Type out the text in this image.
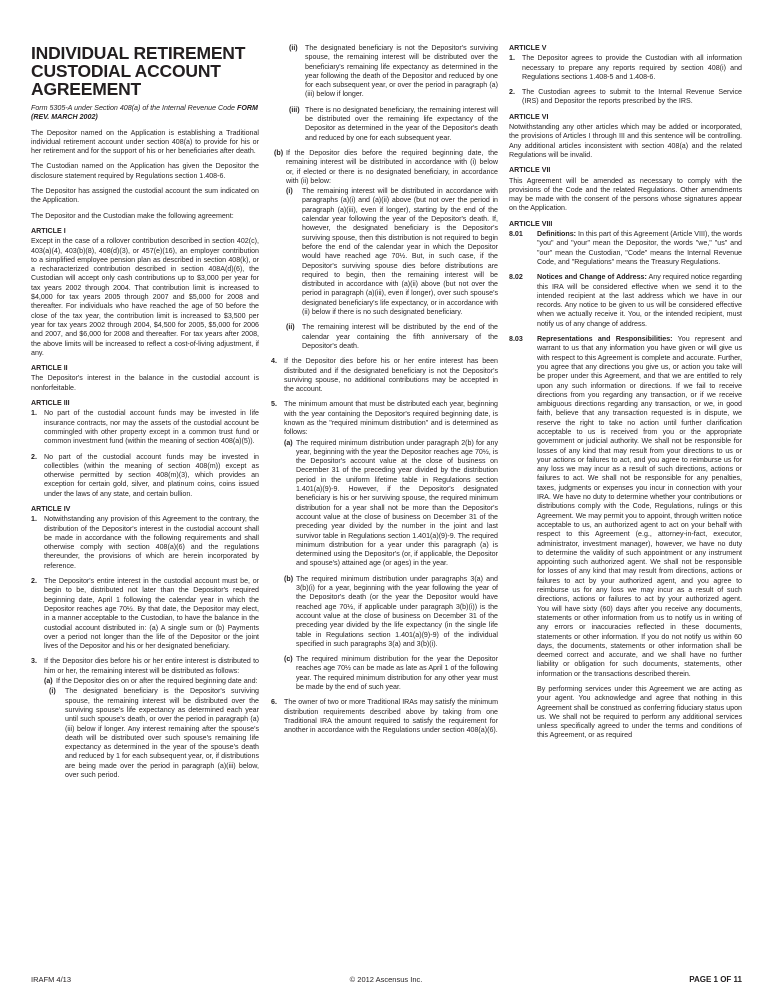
INDIVIDUAL RETIREMENT CUSTODIAL ACCOUNT AGREEMENT
Form 5305-A under Section 408(a) of the Internal Revenue Code FORM (REV. MARCH 2002)

The Depositor named on the Application is establishing a Traditional individual retirement account under section 408(a) to provide for his or her retirement and for the support of his or her beneficiaries after death.

The Custodian named on the Application has given the Depositor the disclosure statement required by Regulations section 1.408-6.

The Depositor has assigned the custodial account the sum indicated on the Application.

The Depositor and the Custodian make the following agreement:

ARTICLE I

Except in the case of a rollover contribution described in section 402(c), 403(a)(4), 403(b)(8), 408(d)(3), or 457(e)(16), an employer contribution to a simplified employee pension plan as described in section 408(k), or a recharacterized contribution described in section 408A(d)(6), the Custodian will accept only cash contributions up to $3,000 per year for tax years 2002 through 2004. That contribution limit is increased to $4,000 for tax years 2005 through 2007 and $5,000 for 2008 and thereafter. For individuals who have reached the age of 50 before the close of the tax year, the contribution limit is increased to $3,500 per year for tax years 2002 through 2004, $4,500 for 2005, $5,000 for 2006 and 2007, and $6,000 for 2008 and thereafter. For tax years after 2008, the above limits will be increased to reflect a cost-of-living adjustment, if any.

ARTICLE II

The Depositor's interest in the balance in the custodial account is nonforfeitable.

ARTICLE III
1. No part of the custodial account funds may be invested in life insurance contracts, nor may the assets of the custodial account be commingled with other property except in a common trust fund or common investment fund (within the meaning of section 408(a)(5)).
2. No part of the custodial account funds may be invested in collectibles (within the meaning of section 408(m)) except as otherwise permitted by section 408(m)(3), which provides an exception for certain gold, silver, and platinum coins, coins issued under the laws of any state, and certain bullion.
ARTICLE IV
1. Notwithstanding any provision of this Agreement to the contrary, the distribution of the Depositor's interest in the custodial account shall be made in accordance with the following requirements and shall otherwise comply with section 408(a)(6) and the regulations thereunder, the provisions of which are herein incorporated by reference.
2. The Depositor's entire interest in the custodial account must be, or begin to be, distributed not later than the Depositor's required beginning date, April 1 following the calendar year in which the Depositor reaches age 70½. By that date, the Depositor may elect, in a manner acceptable to the Custodian, to have the balance in the custodial account distributed in: (a) A single sum or (b) Payments over a period not longer than the life of the Depositor or the joint lives of the Depositor and his or her designated beneficiary.
3. If the Depositor dies before his or her entire interest is distributed to him or her, the remaining interest will be distributed as follows:
(a) If the Depositor dies on or after the required beginning date and:
(i)	The designated beneficiary is the Depositor's surviving spouse, the remaining interest will be distributed over the surviving spouse's life expectancy as determined each year until such spouse's death, or over the period in paragraph (a)(iii) below if longer. Any interest remaining after the spouse's death will be distributed over such spouse's remaining life expectancy as determined in the year of the spouse's death and reduced by 1 for each subsequent year, or, if distributions are being made over the period in paragraph (a)(iii) below, over such period.
(ii)	The designated beneficiary is not the Depositor's surviving spouse, the remaining interest will be distributed over the beneficiary's remaining life expectancy as determined in the year following the death of the Depositor and reduced by one for each subsequent year, or over the period in paragraph (a)(iii) below if longer.
(iii) There is no designated beneficiary, the remaining interest will be distributed over the remaining life expectancy of the Depositor as determined in the year of the Depositor's death and reduced by one for each subsequent year.
(b) If the Depositor dies before the required beginning date, the remaining interest will be distributed in accordance with (i) below or, if elected or there is no designated beneficiary, in accordance with (ii) below:
(i)	The remaining interest will be distributed in accordance with paragraphs (a)(i) and (a)(ii) above (but not over the period in paragraph (a)(iii), even if longer), starting by the end of the calendar year following the year of the Depositor's death. If, however, the designated beneficiary is the Depositor's surviving spouse, then this distribution is not required to begin before the end of the calendar year in which the Depositor would have reached age 70½. But, in such case, if the Depositor's surviving spouse dies before distributions are required to begin, then the remaining interest will be distributed in accordance with (a)(ii) above (but not over the period in paragraph (a)(iii), even if longer), over such spouse's designated beneficiary's life expectancy, or in accordance with (ii) below if there is no such designated beneficiary.
(ii)	The remaining interest will be distributed by the end of the calendar year containing the fifth anniversary of the Depositor's death.
4. If the Depositor dies before his or her entire interest has been distributed and if the designated beneficiary is not the Depositor's surviving spouse, no additional contributions may be accepted in the account.
5. The minimum amount that must be distributed each year, beginning with the year containing the Depositor's required beginning date, is known as the "required minimum distribution" and is determined as follows:
(a) The required minimum distribution under paragraph 2(b) for any year, beginning with the year the Depositor reaches age 70½, is the Depositor's account value at the close of business on December 31 of the preceding year divided by the distribution period in the uniform lifetime table in Regulations section 1.401(a)(9)-9. However, if the Depositor's designated beneficiary is his or her surviving spouse, the required minimum distribution for a year shall not be more than the Depositor's account value at the close of business on December 31 of the preceding year divided by the number in the joint and last survivor table in Regulations section 1.401(a)(9)-9. The required minimum distribution for a year under this paragraph (a) is determined using the Depositor's (or, if applicable, the Depositor and spouse's) attained age (or ages) in the year.
(b) The required minimum distribution under paragraphs 3(a) and 3(b)(i) for a year, beginning with the year following the year of the Depositor's death (or the year the Depositor would have reached age 70½, if applicable under paragraph 3(b)(i)) is the account value at the close of business on December 31 of the preceding year divided by the life expectancy (in the single life table in Regulations section 1.401(a)(9)-9) of the individual specified in such paragraphs 3(a) and 3(b)(i).
(c) The required minimum distribution for the year the Depositor reaches age 70½ can be made as late as April 1 of the following year. The required minimum distribution for any other year must be made by the end of such year.
6. The owner of two or more Traditional IRAs may satisfy the minimum distribution requirements described above by taking from one Traditional IRA the amount required to satisfy the requirement for another in accordance with the Regulations under section 408(a)(6).
ARTICLE V
1. The Depositor agrees to provide the Custodian with all information necessary to prepare any reports required by section 408(i) and Regulations sections 1.408-5 and 1.408-6.
2. The Custodian agrees to submit to the Internal Revenue Service (IRS) and Depositor the reports prescribed by the IRS.
ARTICLE VI

Notwithstanding any other articles which may be added or incorporated, the provisions of Articles I through III and this sentence will be controlling. Any additional articles inconsistent with section 408(a) and the related Regulations will be invalid.

ARTICLE VII

This Agreement will be amended as necessary to comply with the provisions of the Code and the related Regulations. Other amendments may be made with the consent of the persons whose signatures appear on the Application.

ARTICLE VIII
8.01	Definitions: In this part of this Agreement (Article VIII), the words "you" and "your" mean the Depositor, the words "we," "us" and "our" mean the Custodian, "Code" means the Internal Revenue Code, and "Regulations" means the Treasury Regulations.
8.02	Notices and Change of Address: Any required notice regarding this IRA will be considered effective when we send it to the intended recipient at the last address which we have in our records. Any notice to be given to us will be considered effective when we actually receive it. You, or the intended recipient, must notify us of any change of address.
8.03	Representations and Responsibilities: You represent and warrant to us that any information you have given or will give us with respect to this Agreement is complete and accurate. Further, you agree that any directions you give us, or action you take will be proper under this Agreement, and that we are entitled to rely upon any such information or directions. If we fail to receive directions from you regarding any transaction, or if we receive ambiguous directions regarding any transaction, or we, in good faith, believe that any transaction requested is in dispute, we reserve the right to take no action until further clarification acceptable to us is received from you or the appropriate government or judicial authority. We shall not be responsible for losses of any kind that may result from your directions to us or your actions or failures to act, and you agree to reimburse us for any loss we may incur as a result of such directions, actions or failures to act. We shall not be responsible for any penalties, taxes, judgments or expenses you incur in connection with your IRA. We have no duty to determine whether your contributions or distributions comply with the Code, Regulations, rulings or this Agreement. We may permit you to appoint, through written notice acceptable to us, an authorized agent to act on your behalf with respect to this Agreement (e.g., attorney-in-fact, executor, administrator, investment manager), however, we have no duty to determine the validity of such appointment or any instrument appointing such authorized agent. We shall not be responsible for losses of any kind that may result from directions, actions or failures to act by your authorized agent, and you agree to reimburse us for any loss we may incur as a result of such directions, actions or failures to act by your authorized agent. You will have sixty (60) days after you receive any documents, statements or other information from us to notify us in writing of any errors or inaccuracies reflected in these documents, statements or other information. If you do not notify us within 60 days, the documents, statements or other information shall be deemed correct and accurate, and we shall have no further liability or obligation for such documents, statements, other information or the transactions described therein.

By performing services under this Agreement we are acting as your agent. You acknowledge and agree that nothing in this Agreement shall be construed as conferring fiduciary status upon us. We shall not be required to perform any additional services unless specifically agreed to under the terms and conditions of this Agreement, or as required

IRAFM 4/13	© 2012 Ascensus Inc.	PAGE 1 OF 11
